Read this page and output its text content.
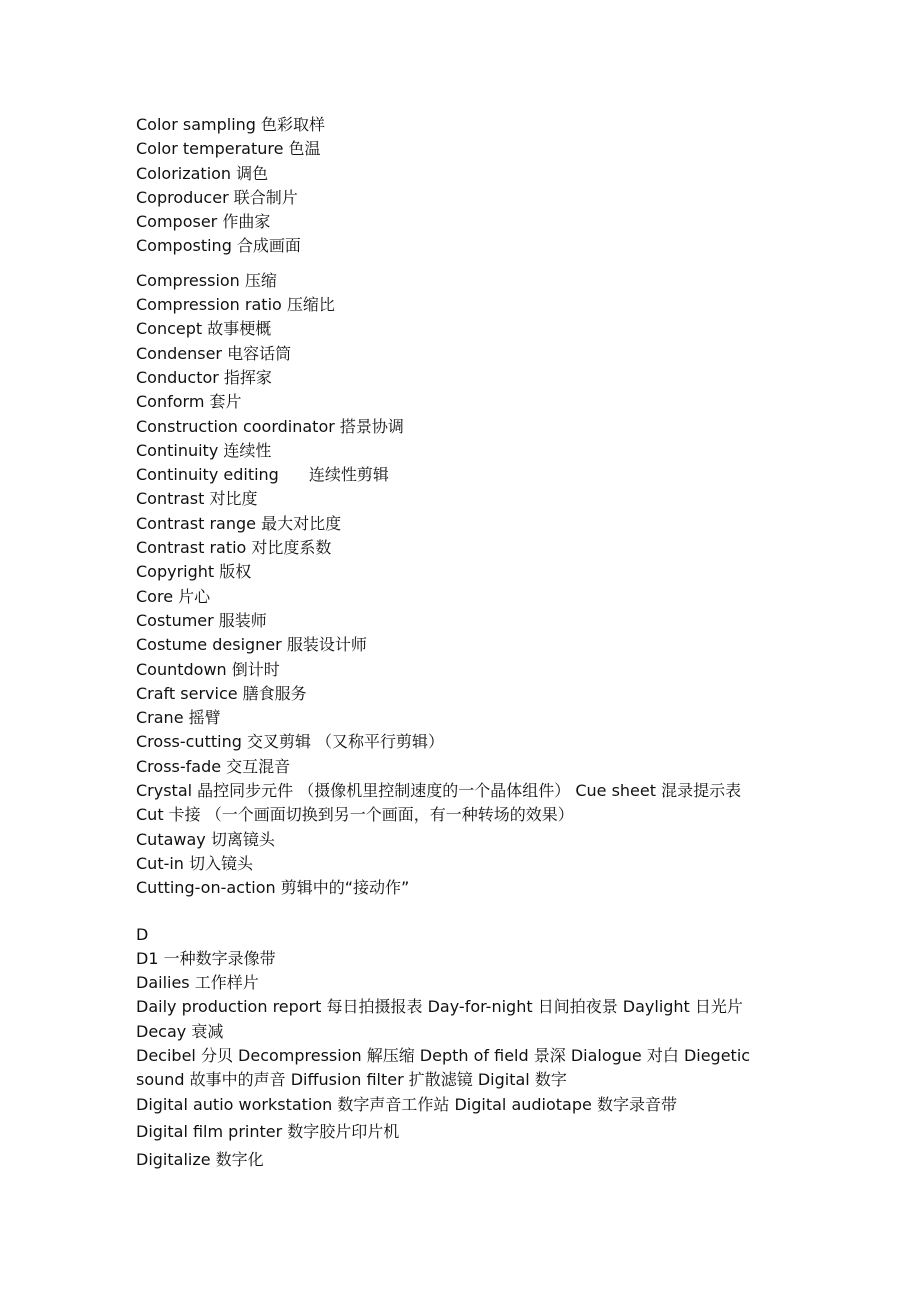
Color sampling 色彩取样
Color temperature 色温
Colorization 调色
Coproducer 联合制片
Composer 作曲家
Composting 合成画面
Compression 压缩
Compression ratio 压缩比
Concept 故事梗概
Condenser 电容话筒
Conductor 指挥家
Conform 套片
Construction coordinator 搭景协调
Continuity 连续性
Continuity editing 连续性剪辑
Contrast 对比度
Contrast range 最大对比度
Contrast ratio 对比度系数
Copyright 版权
Core 片心
Costumer 服装师
Costume designer 服装设计师
Countdown 倒计时
Craft service 膳食服务
Crane 摇臂
Cross-cutting 交叉剪辑 （又称平行剪辑）
Cross-fade 交互混音
Crystal 晶控同步元件 （摄像机里控制速度的一个晶体组件） Cue sheet 混录提示表
Cut 卡接 （一个画面切换到另一个画面，有一种转场的效果）
Cutaway 切离镜头
Cut-in 切入镜头
Cutting-on-action 剪辑中的“接动作”
D
D1 一种数字录像带
Dailies 工作样片
Daily production report 每日拍摄报表 Day-for-night 日间拍夜景 Daylight 日光片
Decay 衰减
Decibel 分贝 Decompression 解压缩 Depth of field 景深 Dialogue 对白 Diegetic sound 故事中的声音 Diffusion filter 扩散滤镜 Digital 数字
Digital autio workstation 数字声音工作站 Digital audiotape 数字录音带
Digital film printer 数字胶片印片机
Digitalize 数字化
